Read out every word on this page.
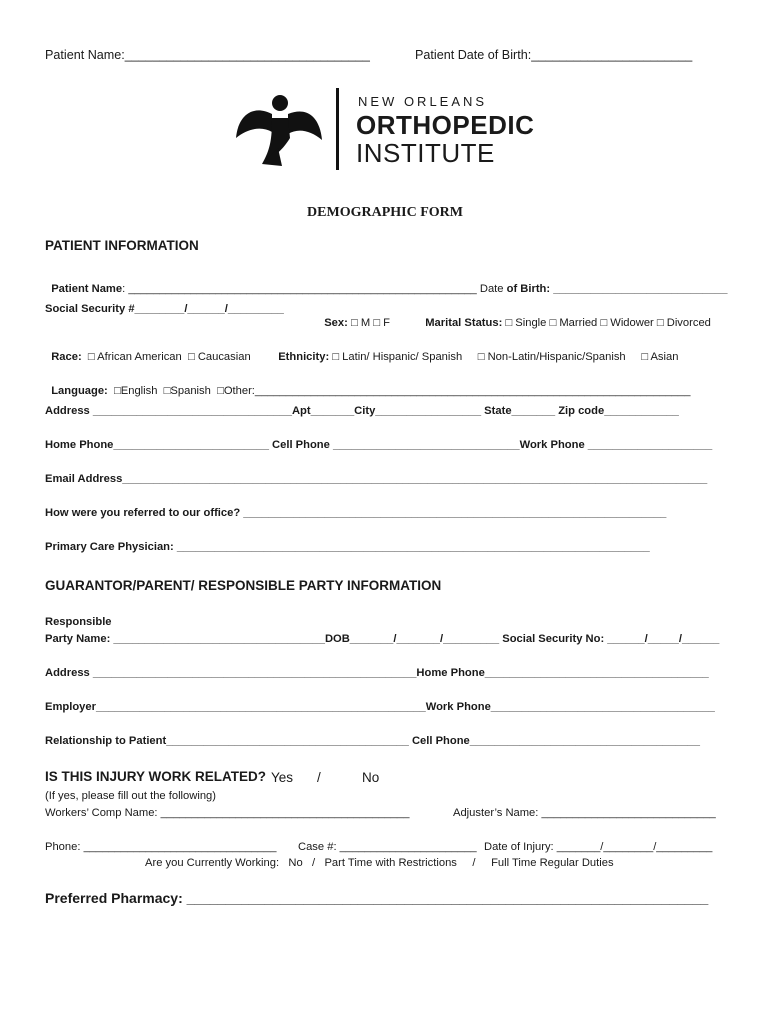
Patient Name:___________________________________	Patient Date of Birth:_______________________
NEW ORLEANS
ORTHOPEDIC
INSTITUTE
DEMOGRAPHIC FORM
PATIENT INFORMATION

Patient Name: ________________________________________________________ Date of Birth: ____________________________

Social Security #________/______/_________

Sex: □ M □ F	Marital Status: □ Single □ Married □ Widower □ Divorced

Race: □ African American  □ Caucasian	Ethnicity: □ Latin/ Hispanic/ Spanish     □ Non-Latin/Hispanic/Spanish     □ Asian

Language: □English  □Spanish  □Other:______________________________________________________________________

Address ________________________________Apt_______City_________________ State_______ Zip code____________
Home Phone_________________________ Cell Phone ______________________________Work Phone ____________________
Email Address______________________________________________________________________________________________
How were you referred to our office? ____________________________________________________________________
Primary Care Physician: ____________________________________________________________________________
GUARANTOR/PARENT/ RESPONSIBLE PARTY INFORMATION
Responsible
Party Name: __________________________________DOB_______/_______/_________ Social Security No: ______/_____/______
Address ____________________________________________________Home Phone____________________________________
Employer_____________________________________________________Work Phone____________________________________
Relationship to Patient_______________________________________ Cell Phone_____________________________________
IS THIS INJURY WORK RELATED? Yes /	No
(If yes, please fill out the following)
Workers’ Comp Name: ________________________________________	Adjuster’s Name: ____________________________
Phone: _______________________________ Case #: ______________________ Date of Injury: _______/________/_________
Are you Currently Working:   No   /   Part Time with Restrictions     /     Full Time Regular Duties
Preferred Pharmacy: ___________________________________________________________________
